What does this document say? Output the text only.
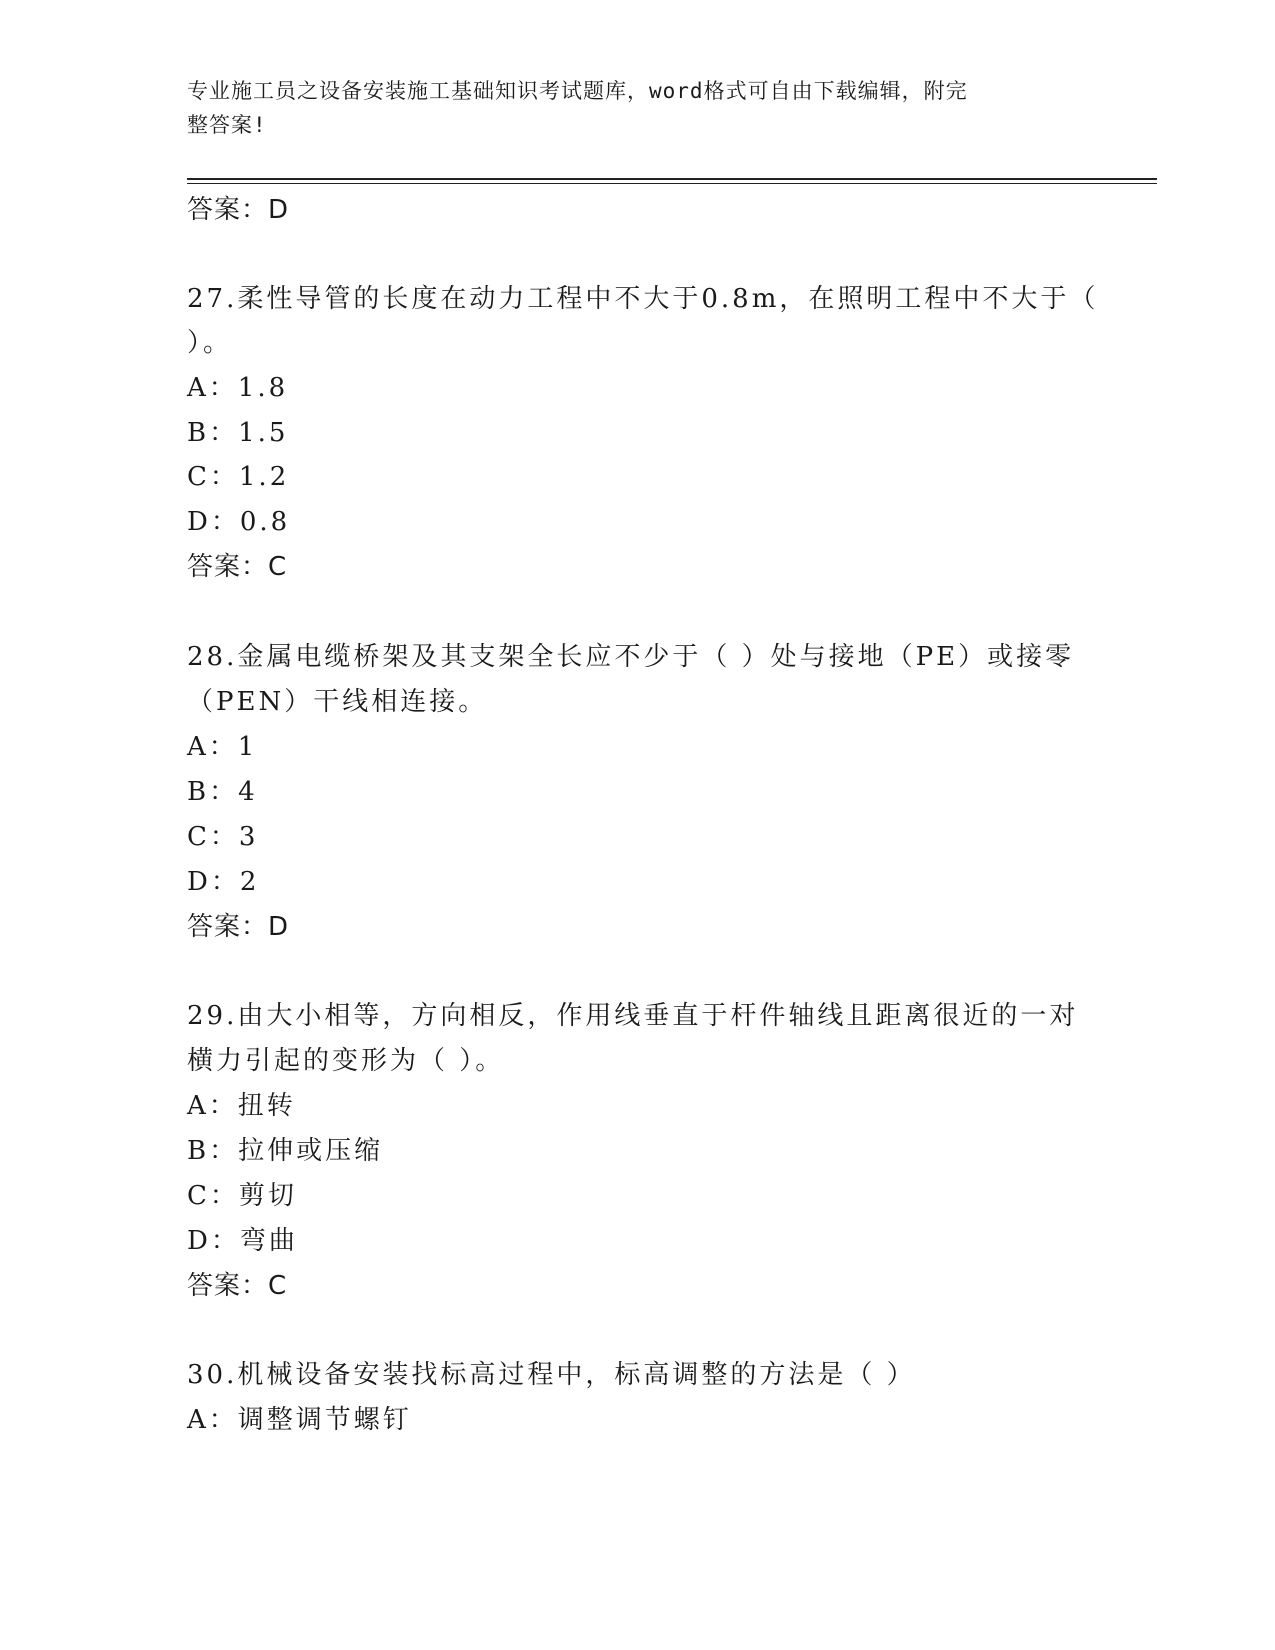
专业施工员之设备安装施工基础知识考试题库，word格式可自由下载编辑，附完
整答案!
答案：D
27.柔性导管的长度在动力工程中不大于0.8m，在照明工程中不大于（
）。
A：1.8
B：1.5
C：1.2
D：0.8
答案：C
28.金属电缆桥架及其支架全长应不少于（ ）处与接地（PE）或接零
（PEN）干线相连接。
A：1
B：4
C：3
D：2
答案：D
29.由大小相等，方向相反，作用线垂直于杆件轴线且距离很近的一对
横力引起的变形为（ ）。
A：扭转
B：拉伸或压缩
C：剪切
D：弯曲
答案：C
30.机械设备安装找标高过程中，标高调整的方法是（ ）
A：调整调节螺钉
